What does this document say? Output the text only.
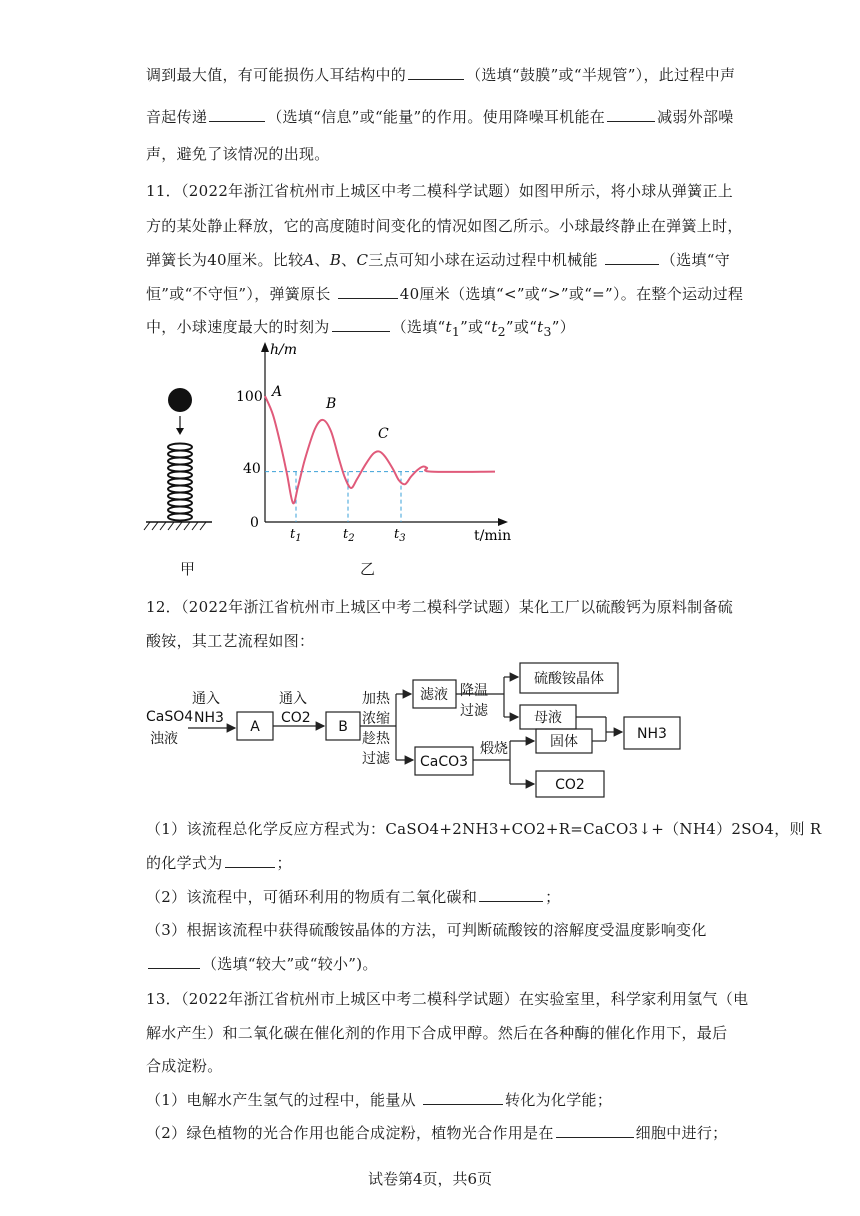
调到最大值，有可能损伤人耳结构中的	（选填“鼓膜”或“半规管”），此过程中声
音起传递	（选填“信息”或“能量”的作用。使用降噪耳机能在	减弱外部噪
声，避免了该情况的出现。
11．（2022年浙江省杭州市上城区中考二模科学试题）如图甲所示，将小球从弹簧正上
方的某处静止释放，它的高度随时间变化的情况如图乙所示。小球最终静止在弹簧上时，
弹簧长为40厘米。比较A、B、C三点可知小球在运动过程中机械能	（选填“守
恒”或“不守恒”），弹簧原长	40厘米（选填“<”或“>”或“=”）。在整个运动过程
中，小球速度最大的时刻为	（选填“$t_1$”或“$t_2$”或“$t_3$”）
甲
h/m
t/min
100
40
0
A
B
C
$t_1$	$t_2$	$t_3$
乙
12．（2022年浙江省杭州市上城区中考二模科学试题）某化工厂以硫酸钙为原料制备硫
酸铵，其工艺流程如图：
CaSO4
浊液
通入
NH3
通入
CO2
加热
浓缩
趁热
过滤
降温
过滤
煅烧
A	B
滤液
硫酸铵晶体
母液
固体	NH3
CaCO3
CO2
（1）该流程总化学反应方程式为：CaSO4+2NH3+CO2+R=CaCO3↓+（NH4）2SO4，则 R
的化学式为	；
（2）该流程中，可循环利用的物质有二氧化碳和	；
（3）根据该流程中获得硫酸铵晶体的方法，可判断硫酸铵的溶解度受温度影响变化
（选填“较大”或“较小”)。
13．（2022年浙江省杭州市上城区中考二模科学试题）在实验室里，科学家利用氢气（电
解水产生）和二氧化碳在催化剂的作用下合成甲醇。然后在各种酶的催化作用下，最后
合成淀粉。
（1）电解水产生氢气的过程中，能量从	转化为化学能；
（2）绿色植物的光合作用也能合成淀粉，植物光合作用是在	细胞中进行；
试卷第4页，共6页
